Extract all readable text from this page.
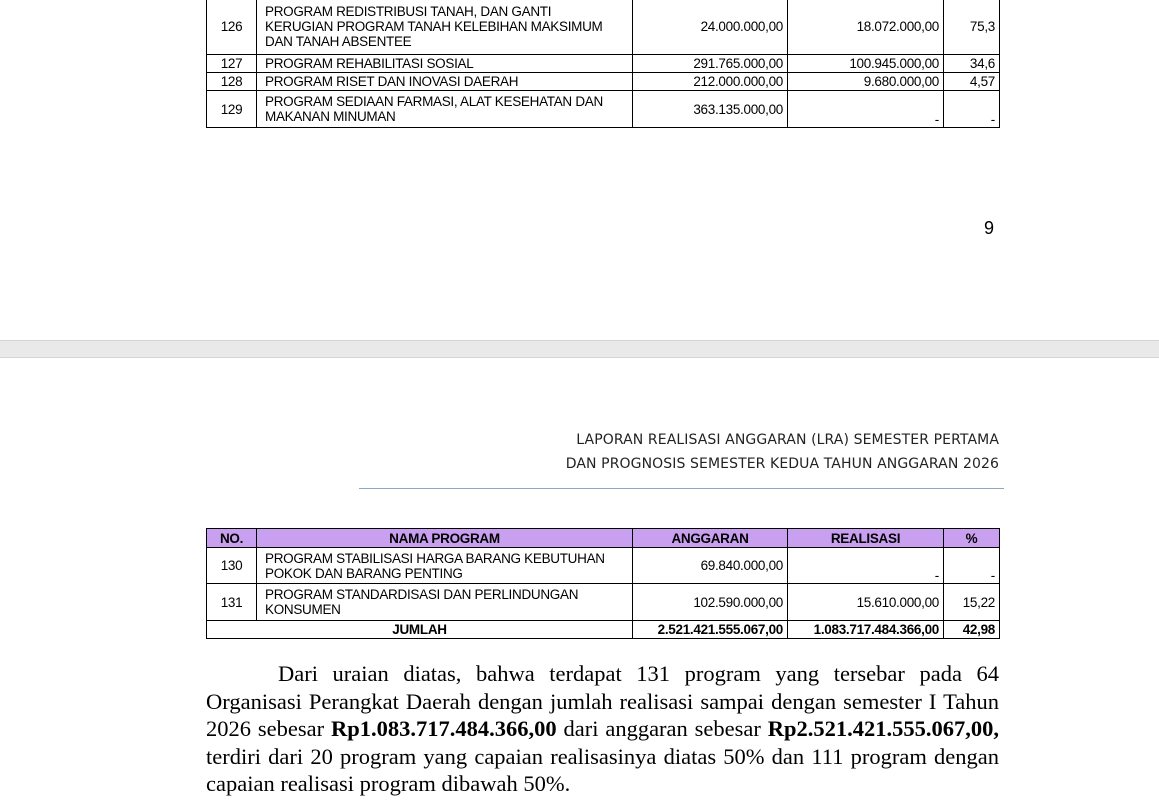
126	PROGRAM REDISTRIBUSI TANAH, DAN GANTI
KERUGIAN PROGRAM TANAH KELEBIHAN MAKSIMUM
DAN TANAH ABSENTEE	24.000.000,00	18.072.000,00	75,3
127	PROGRAM REHABILITASI SOSIAL	291.765.000,00	100.945.000,00	34,6
128	PROGRAM RISET DAN INOVASI DAERAH	212.000.000,00	9.680.000,00	4,57
129	PROGRAM SEDIAAN FARMASI, ALAT KESEHATAN DAN
MAKANAN MINUMAN	363.135.000,00	-	-
9
LAPORAN REALISASI ANGGARAN (LRA) SEMESTER PERTAMA
DAN PROGNOSIS SEMESTER KEDUA TAHUN ANGGARAN 2026
NO.	NAMA PROGRAM	ANGGARAN	REALISASI	%
130	PROGRAM STABILISASI HARGA BARANG KEBUTUHAN
POKOK DAN BARANG PENTING	69.840.000,00	-	-
131	PROGRAM STANDARDISASI DAN PERLINDUNGAN
KONSUMEN	102.590.000,00	15.610.000,00	15,22
JUMLAH		2.521.421.555.067,00	1.083.717.484.366,00	42,98

Dari uraian diatas, bahwa terdapat 131 program yang tersebar pada 64 Organisasi Perangkat Daerah dengan jumlah realisasi sampai dengan semester I Tahun 2026 sebesar Rp1.083.717.484.366,00 dari anggaran sebesar Rp2.521.421.555.067,00, terdiri dari 20 program yang capaian realisasinya diatas 50% dan 111 program dengan capaian realisasi program dibawah 50%.
